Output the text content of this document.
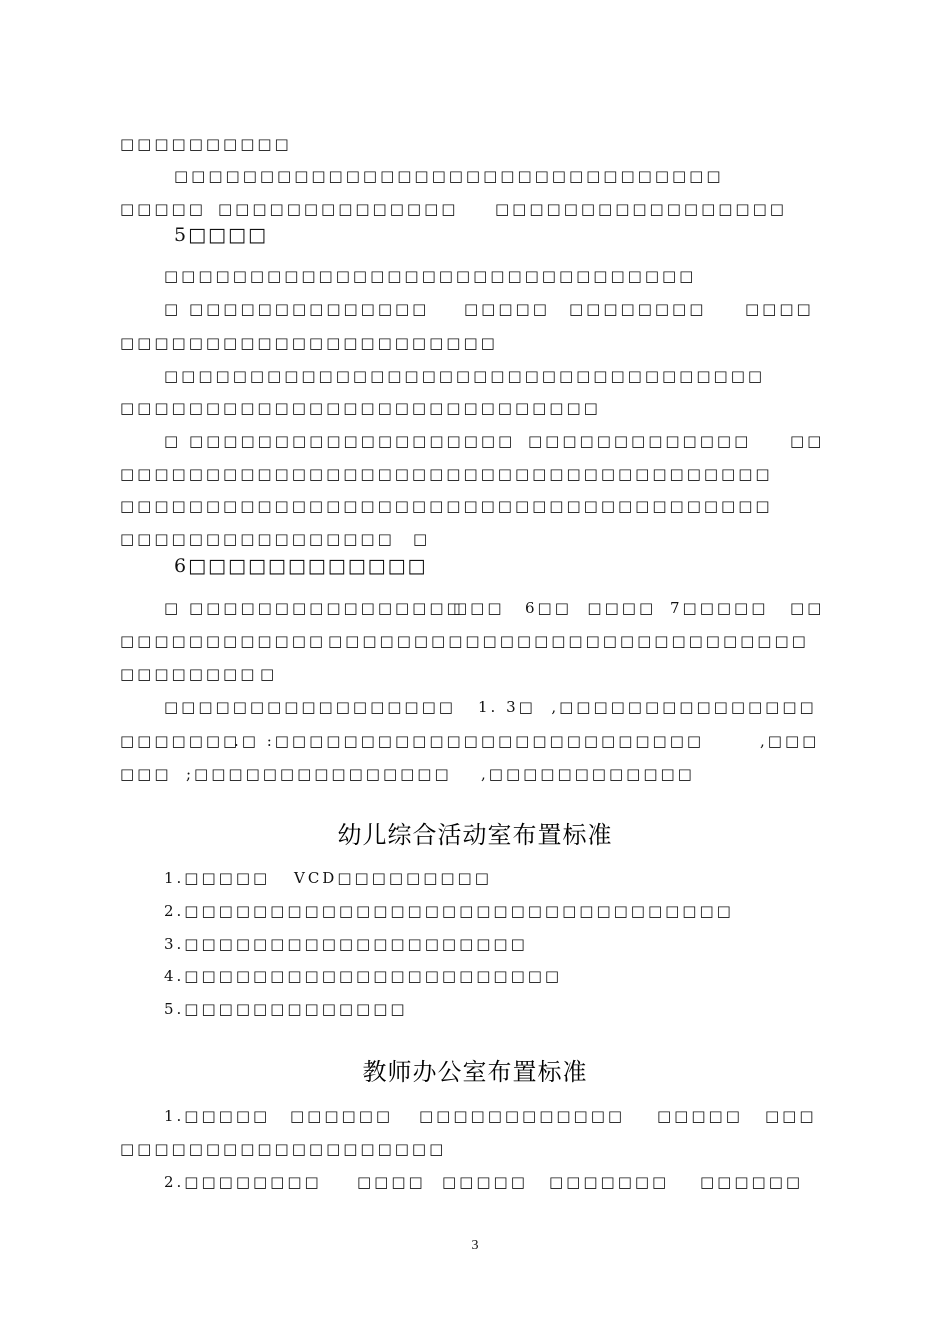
□□□□□□□□□□
□□□□□□□□□□□□□□□□□□□□□□□□□□□□□□□□
□□□□□ □□□□□□□□□□□□□□ □□□□□□□□□□□□□□□□□
5□□□□
□□□□□□□□□□□□□□□□□□□□□□□□□□□□□□□
□ □□□□□□□□□□□□□□ □□□□□ □□□□□□□□	□□□□
□□□□□□□□□□□□□□□□□□□□□□
□□□□□□□□□□□□□□□□□□□□□□□□□□□□□□□□□□□
□□□□□□□□□□□□□□□□□□□□□□□□□□□□
□ □□□□□□□□□□□□□□□□□□□ □□□□□□□□□□□□□	□□
□□□□□□□□□□□□□□□□□□□□□□□□□□□□□□□□□□□□□□
□□□□□□□□□□□□□□□□□□□□□□□□□□□□□□□□□□□□□□
□□□□□□□□□□□□□□□□ □
6□□□□□□□□□□□□
□ □□□□□□□□□□□□□□□□
□□□ 6□□  □□□□ 7□□□□□ □□
□□□□□□□□□□□□ □□□□□□□□□□□□□□□□□□□□□□□□□□□□
□□□□□□□□ □
□□□□□□□□□□□□□□□□□ 1. 3□  ,□□□□□□□□□□□□□□□
□□□□□□□
.□ :□□□□□□□□□□□□□□□□□□□□□□□□□	,□□□
□□□ ;□□□□□□□□□□□□□□□ ,□□□□□□□□□□□□
幼儿综合活动室布置标准
1.□□□□□ VCD□□□□□□□□□
2.□□□□□□□□□□□□□□□□□□□□□□□□□□□□□□□□
3.□□□□□□□□□□□□□□□□□□□□
4.□□□□□□□□□□□□□□□□□□□□□□
5.□□□□□□□□□□□□□
教师办公室布置标准
1.□□□□□ □□□□□□ □□□□□□□□□□□□ □□□□□ □□□
□□□□□□□□□□□□□□□□□□□
2.□□□□□□□□ □□□□ □□□□□ □□□□□□□ □□□□□□
3
